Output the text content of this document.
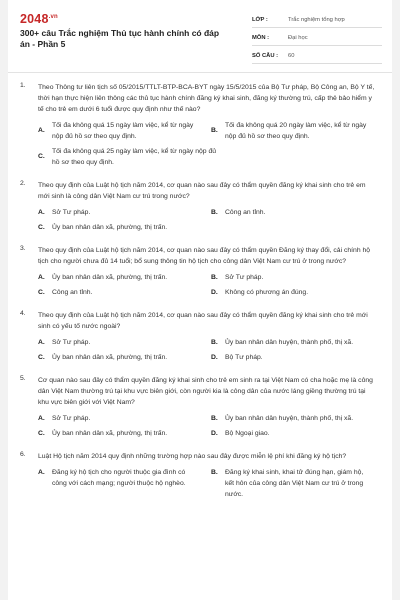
$2048^{.vn}$
300+ câu Trắc nghiệm Thủ tục hành chính có đáp án - Phần 5
LỚP :	Trắc nghiệm tổng hợp
MÔN :	Đại học
SỐ CÂU :	60
1. Theo Thông tư liên tịch số 05/2015/TTLT-BTP-BCA-BYT ngày 15/5/2015 của Bộ Tư pháp, Bộ Công an, Bộ Y tế, thời hạn thực hiện liên thông các thủ tục hành chính đăng ký khai sinh, đăng ký thường trú, cấp thẻ bảo hiểm y tế cho trẻ em dưới 6 tuổi được quy định như thế nào?
A.
Tối đa không quá 15 ngày làm việc, kể từ ngày nộp đủ hồ sơ theo quy định.
B.
Tối đa không quá 20 ngày làm việc, kể từ ngày nộp đủ hồ sơ theo quy định.
C.
Tối đa không quá 25 ngày làm việc, kể từ ngày nộp đủ hồ sơ theo quy định.
2. Theo quy định của Luật hộ tịch năm 2014, cơ quan nào sau đây có thẩm quyền đăng ký khai sinh cho trẻ em mới sinh là công dân Việt Nam cư trú trong nước?
A. Sở Tư pháp.	B. Công an tỉnh.
C. Ủy ban nhân dân xã, phường, thị trấn.
3. Theo quy định của Luật hộ tịch năm 2014, cơ quan nào sau đây có thẩm quyền Đăng ký thay đổi, cải chính hộ tịch cho người chưa đủ 14 tuổi; bổ sung thông tin hộ tịch cho công dân Việt Nam cư trú ở trong nước?
A. Ủy ban nhân dân xã, phường, thị trấn.	B. Sở Tư pháp.
C. Công an tỉnh.	D. Không có phương án đúng.
4. Theo quy định của Luật hộ tịch năm 2014, cơ quan nào sau đây có thẩm quyền đăng ký khai sinh cho trẻ mới sinh có yếu tố nước ngoài?
A. Sở Tư pháp.	B. Ủy ban nhân dân huyện, thành phố, thị xã.
C. Ủy ban nhân dân xã, phường, thị trấn.	D. Bộ Tư pháp.
5. Cơ quan nào sau đây có thẩm quyền đăng ký khai sinh cho trẻ em sinh ra tại Việt Nam có cha hoặc mẹ là công dân Việt Nam thường trú tại khu vực biên giới, còn người kia là công dân của nước láng giềng thường trú tại khu vực biên giới với Việt Nam?
A. Sở Tư pháp.	B. Ủy ban nhân dân huyện, thành phố, thị xã.
C. Ủy ban nhân dân xã, phường, thị trấn.	D. Bộ Ngoại giao.
6. Luật Hộ tịch năm 2014 quy định những trường hợp nào sau đây được miễn lệ phí khi đăng ký hộ tịch?
A. Đăng ký hộ tịch cho người thuộc gia đình có công với cách mạng; người thuộc hộ nghèo.
B. Đăng ký khai sinh, khai tử đúng hạn, giám hộ, kết hôn của công dân Việt Nam cư trú ở trong nước.
